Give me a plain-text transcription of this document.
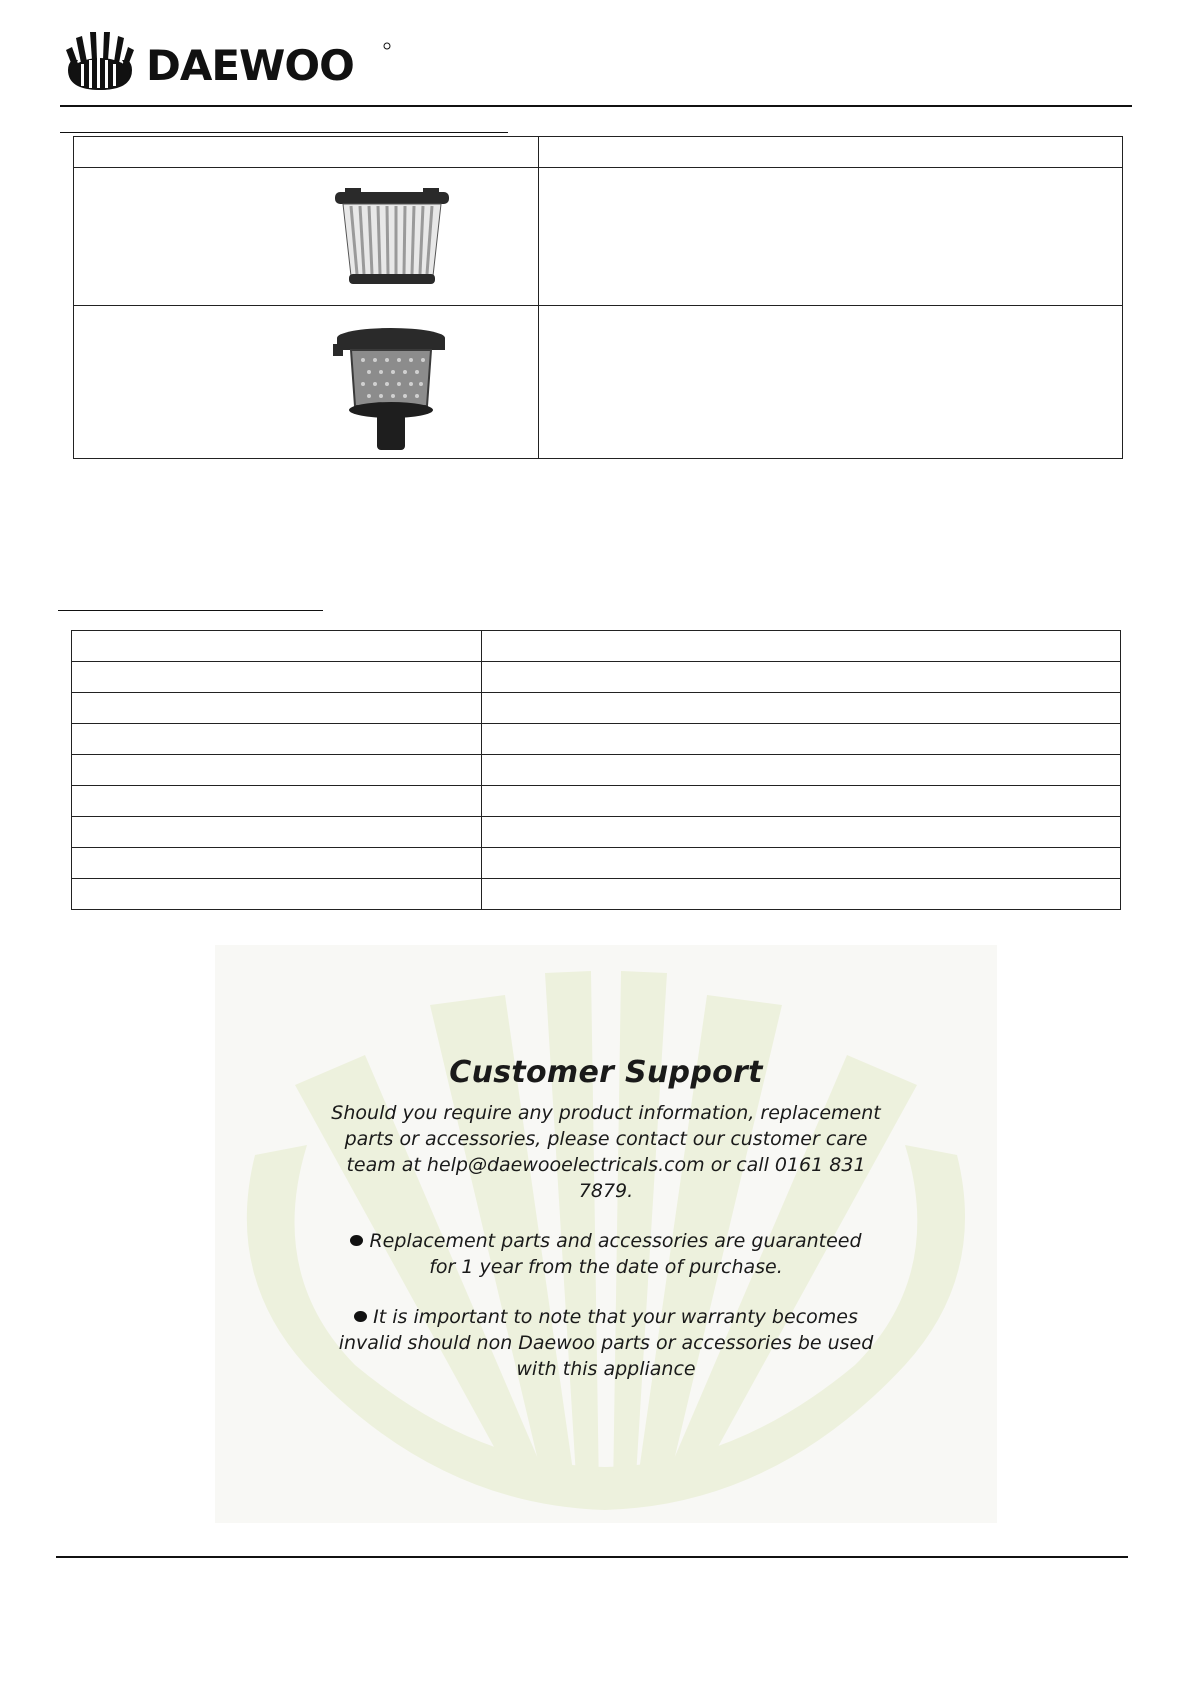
DAEWOO

Customer Support

Should you require any product information, replacement parts or accessories, please contact our customer care team at help@daewooelectricals.com or call 0161 831 7879.

Replacement parts and accessories are guaranteed for 1 year from the date of purchase.

It is important to note that your warranty becomes invalid should non Daewoo parts or accessories be used with this appliance
